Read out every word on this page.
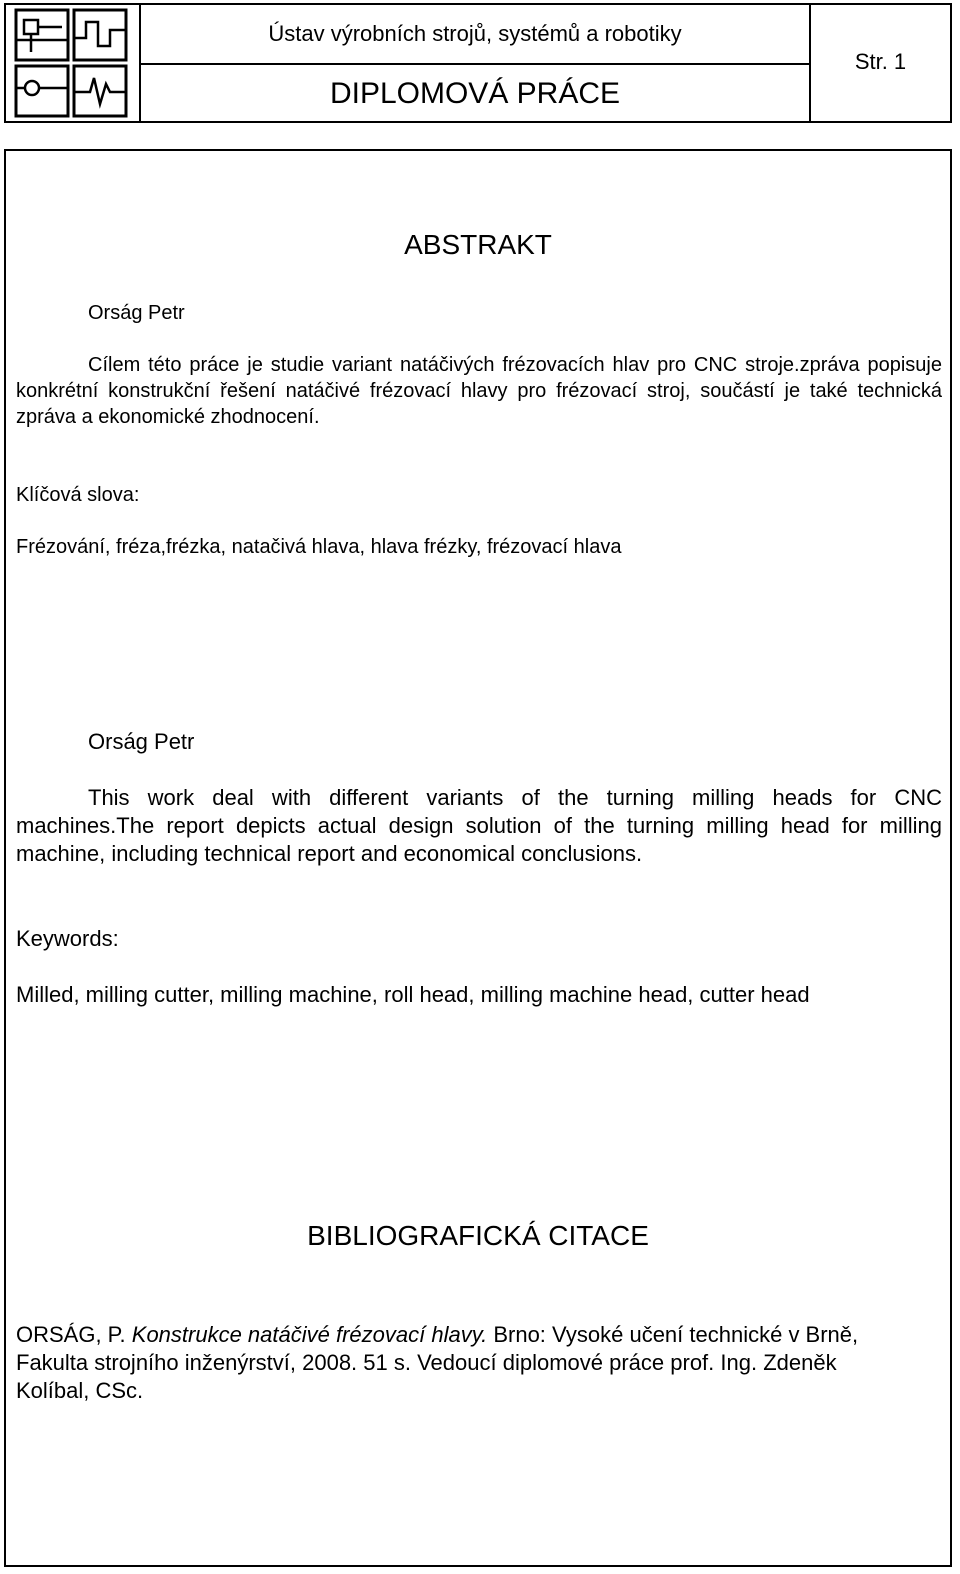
Ústav výrobních strojů, systémů a robotiky
DIPLOMOVÁ PRÁCE
Str. 1
ABSTRAKT
Orság Petr

Cílem této práce je studie variant natáčivých frézovacích hlav pro CNC stroje.zpráva popisuje konkrétní konstrukční řešení natáčivé frézovací hlavy pro frézovací stroj, součástí je také technická zpráva a ekonomické zhodnocení.

Klíčová slova:
Frézování, fréza,frézka, natačivá hlava, hlava frézky, frézovací hlava
Orság Petr

This work deal with different variants of the turning milling heads for CNC machines.The report depicts actual design solution of the turning milling head for milling machine, including technical report and economical conclusions.

Keywords:
Milled, milling cutter, milling machine, roll head, milling machine head, cutter head
BIBLIOGRAFICKÁ CITACE

ORSÁG, P. Konstrukce natáčivé frézovací hlavy. Brno: Vysoké učení technické v Brně, Fakulta strojního inženýrství, 2008. 51 s. Vedoucí diplomové práce prof. Ing. Zdeněk Kolíbal, CSc.
